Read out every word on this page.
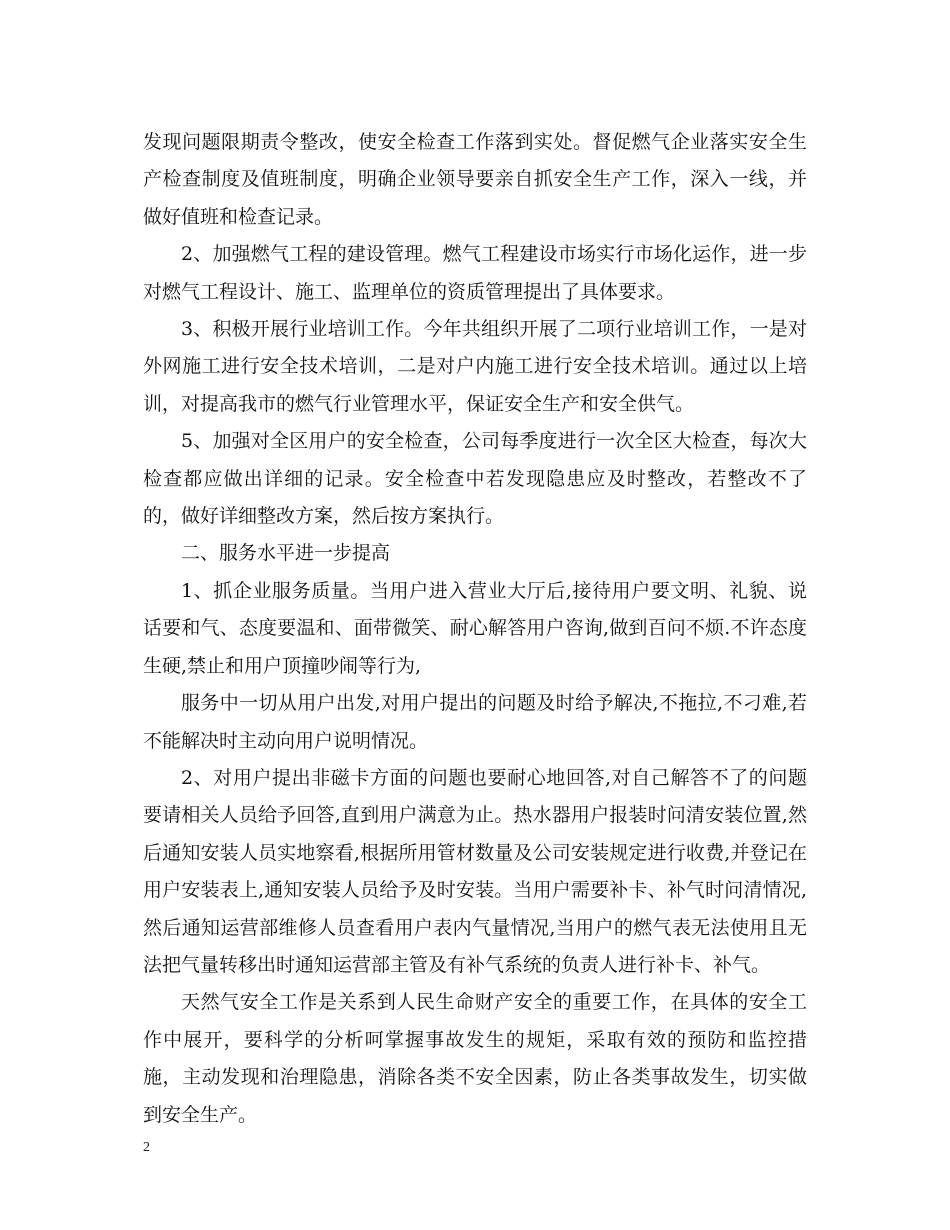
发现问题限期责令整改，使安全检查工作落到实处。督促燃气企业落实安全生产检查制度及值班制度，明确企业领导要亲自抓安全生产工作，深入一线，并做好值班和检查记录。

2、加强燃气工程的建设管理。燃气工程建设市场实行市场化运作，进一步对燃气工程设计、施工、监理单位的资质管理提出了具体要求。

3、积极开展行业培训工作。今年共组织开展了二项行业培训工作，一是对外网施工进行安全技术培训，二是对户内施工进行安全技术培训。通过以上培训，对提高我市的燃气行业管理水平，保证安全生产和安全供气。

5、加强对全区用户的安全检查，公司每季度进行一次全区大检查，每次大检查都应做出详细的记录。安全检查中若发现隐患应及时整改，若整改不了的，做好详细整改方案，然后按方案执行。

二、服务水平进一步提高

1、抓企业服务质量。当用户进入营业大厅后,接待用户要文明、礼貌、说话要和气、态度要温和、面带微笑、耐心解答用户咨询,做到百问不烦.不许态度生硬,禁止和用户顶撞吵闹等行为,

服务中一切从用户出发,对用户提出的问题及时给予解决,不拖拉,不刁难,若不能解决时主动向用户说明情况。

2、对用户提出非磁卡方面的问题也要耐心地回答,对自己解答不了的问题要请相关人员给予回答,直到用户满意为止。热水器用户报装时问清安装位置,然后通知安装人员实地察看,根据所用管材数量及公司安装规定进行收费,并登记在用户安装表上,通知安装人员给予及时安装。当用户需要补卡、补气时问清情况,然后通知运营部维修人员查看用户表内气量情况,当用户的燃气表无法使用且无法把气量转移出时通知运营部主管及有补气系统的负责人进行补卡、补气。

天然气安全工作是关系到人民生命财产安全的重要工作，在具体的安全工作中展开，要科学的分析呵掌握事故发生的规矩，采取有效的预防和监控措施，主动发现和治理隐患，消除各类不安全因素，防止各类事故发生，切实做到安全生产。

2
